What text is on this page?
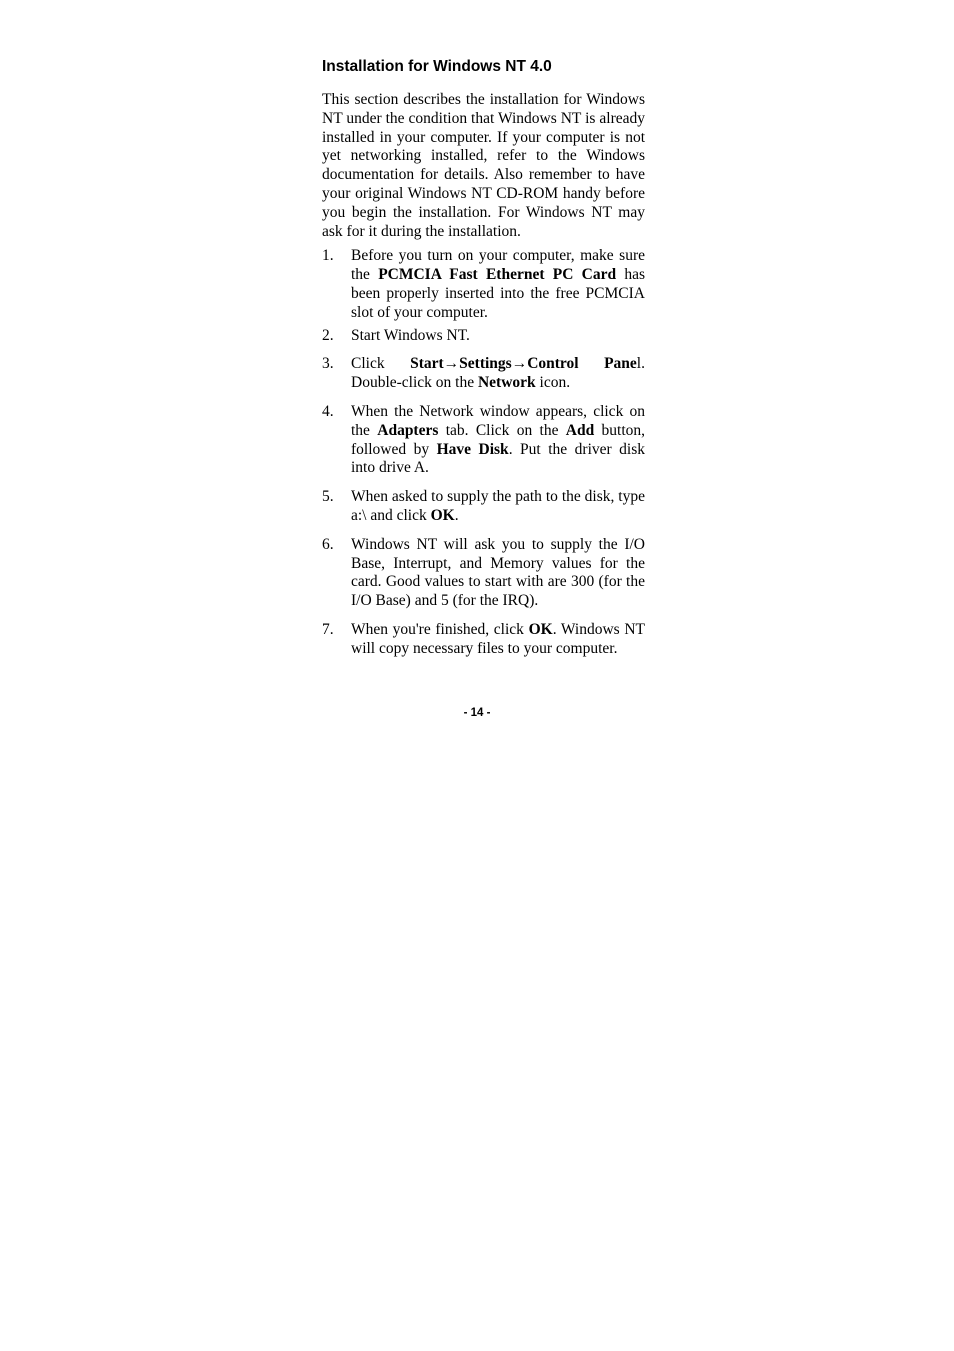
Installation for Windows NT 4.0

This section describes the installation for Windows NT under the condition that Windows NT is already installed in your computer. If your computer is not yet networking installed, refer to the Windows documentation for details. Also remember to have your original Windows NT CD-ROM handy before you begin the installation. For Windows NT may ask for it during the installation.

1. Before you turn on your computer, make sure the PCMCIA Fast Ethernet PC Card has been properly inserted into the free PCMCIA slot of your computer.
2. Start Windows NT.
3. Click Start→Settings→Control Panel. Double-click on the Network icon.
4. When the Network window appears, click on the Adapters tab. Click on the Add button, followed by Have Disk. Put the driver disk into drive A.
5. When asked to supply the path to the disk, type a:\ and click OK.
6. Windows NT will ask you to supply the I/O Base, Interrupt, and Memory values for the card. Good values to start with are 300 (for the I/O Base) and 5 (for the IRQ).
7. When you're finished, click OK. Windows NT will copy necessary files to your computer.
- 14 -
